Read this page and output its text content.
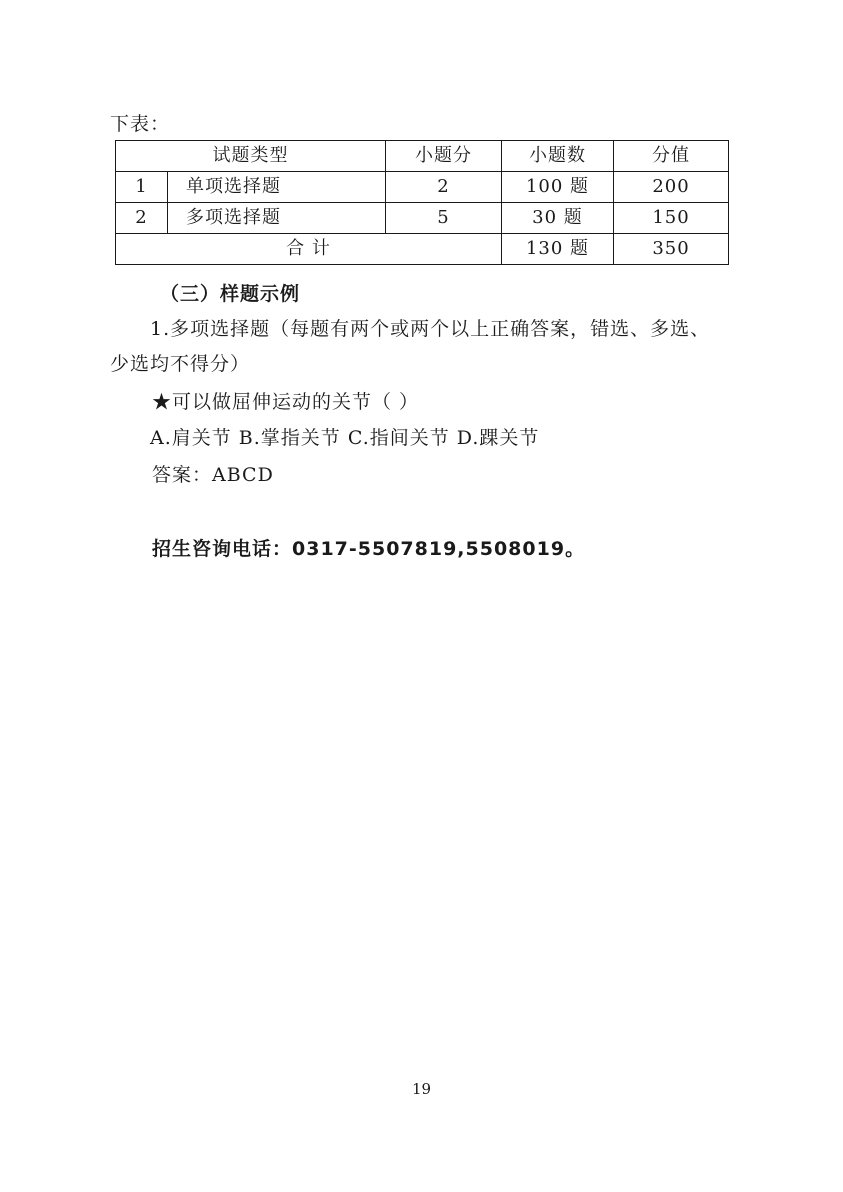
下表：
试题类型		小题分	小题数	分值
1	单项选择题	2	100 题	200
2	多项选择题	5	30 题	150
合 计			130 题	350
（三）样题示例
1.多项选择题（每题有两个或两个以上正确答案，错选、多选、
少选均不得分）
★可以做屈伸运动的关节（ ）
A.肩关节 B.掌指关节 C.指间关节 D.踝关节
答案：ABCD
招生咨询电话：0317-5507819,5508019。
19
